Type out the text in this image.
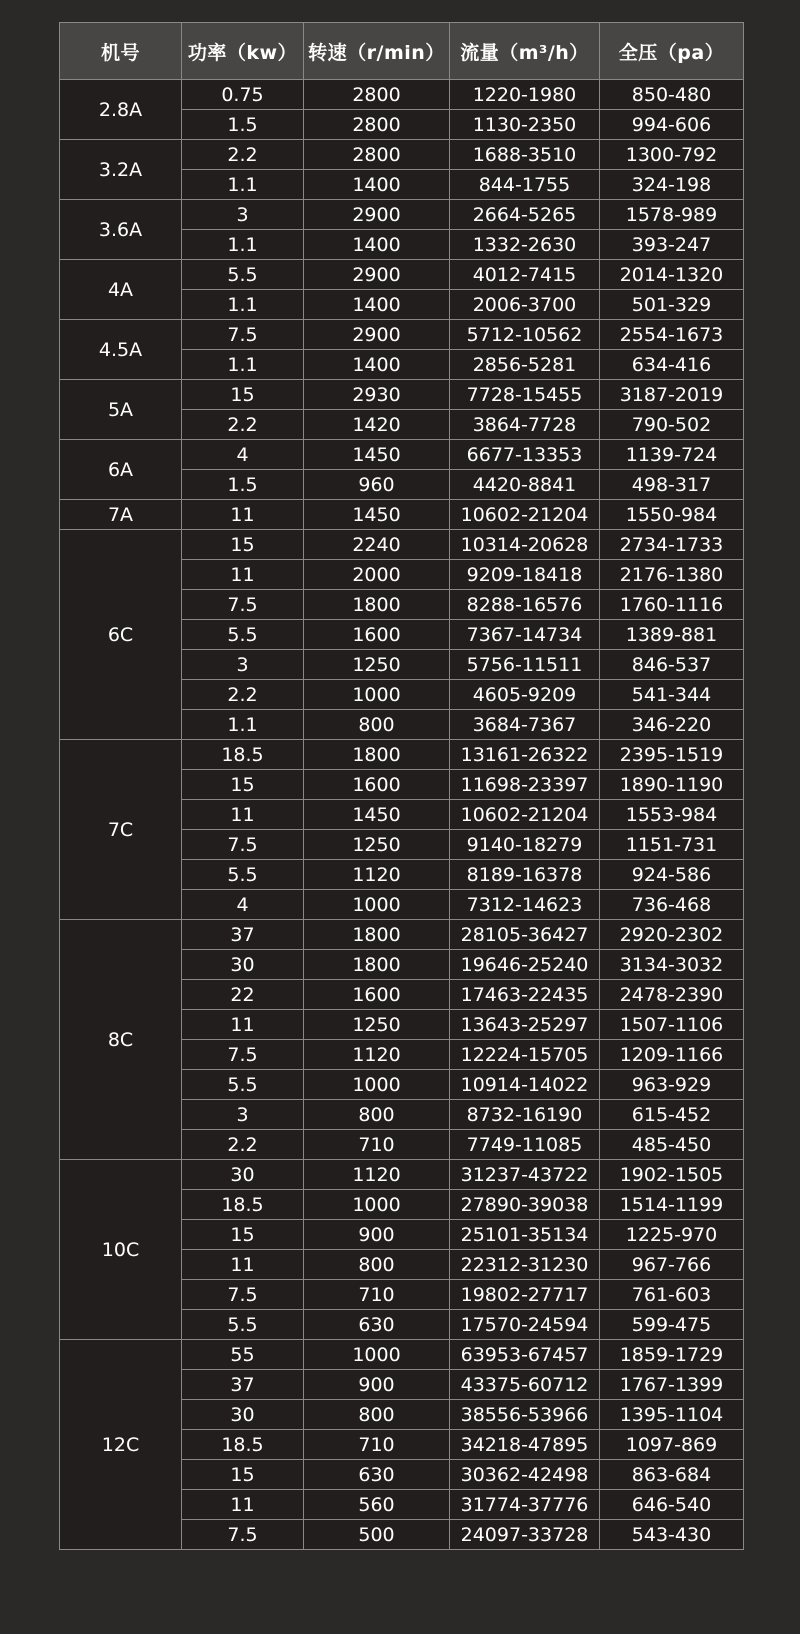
机号	功率（kw）	转速（r/min）	流量（m³/h）	全压（pa）
2.8A	0.75	2800	1220-1980	850-480
	1.5	2800	1130-2350	994-606
3.2A	2.2	2800	1688-3510	1300-792
	1.1	1400	844-1755	324-198
3.6A	3	2900	2664-5265	1578-989
	1.1	1400	1332-2630	393-247
4A	5.5	2900	4012-7415	2014-1320
	1.1	1400	2006-3700	501-329
4.5A	7.5	2900	5712-10562	2554-1673
	1.1	1400	2856-5281	634-416
5A	15	2930	7728-15455	3187-2019
	2.2	1420	3864-7728	790-502
6A	4	1450	6677-13353	1139-724
	1.5	960	4420-8841	498-317
7A	11	1450	10602-21204	1550-984
6C	15	2240	10314-20628	2734-1733
	11	2000	9209-18418	2176-1380
	7.5	1800	8288-16576	1760-1116
	5.5	1600	7367-14734	1389-881
	3	1250	5756-11511	846-537
	2.2	1000	4605-9209	541-344
	1.1	800	3684-7367	346-220
7C	18.5	1800	13161-26322	2395-1519
	15	1600	11698-23397	1890-1190
	11	1450	10602-21204	1553-984
	7.5	1250	9140-18279	1151-731
	5.5	1120	8189-16378	924-586
	4	1000	7312-14623	736-468
8C	37	1800	28105-36427	2920-2302
	30	1800	19646-25240	3134-3032
	22	1600	17463-22435	2478-2390
	11	1250	13643-25297	1507-1106
	7.5	1120	12224-15705	1209-1166
	5.5	1000	10914-14022	963-929
	3	800	8732-16190	615-452
	2.2	710	7749-11085	485-450
10C	30	1120	31237-43722	1902-1505
	18.5	1000	27890-39038	1514-1199
	15	900	25101-35134	1225-970
	11	800	22312-31230	967-766
	7.5	710	19802-27717	761-603
	5.5	630	17570-24594	599-475
12C	55	1000	63953-67457	1859-1729
	37	900	43375-60712	1767-1399
	30	800	38556-53966	1395-1104
	18.5	710	34218-47895	1097-869
	15	630	30362-42498	863-684
	11	560	31774-37776	646-540
	7.5	500	24097-33728	543-430
